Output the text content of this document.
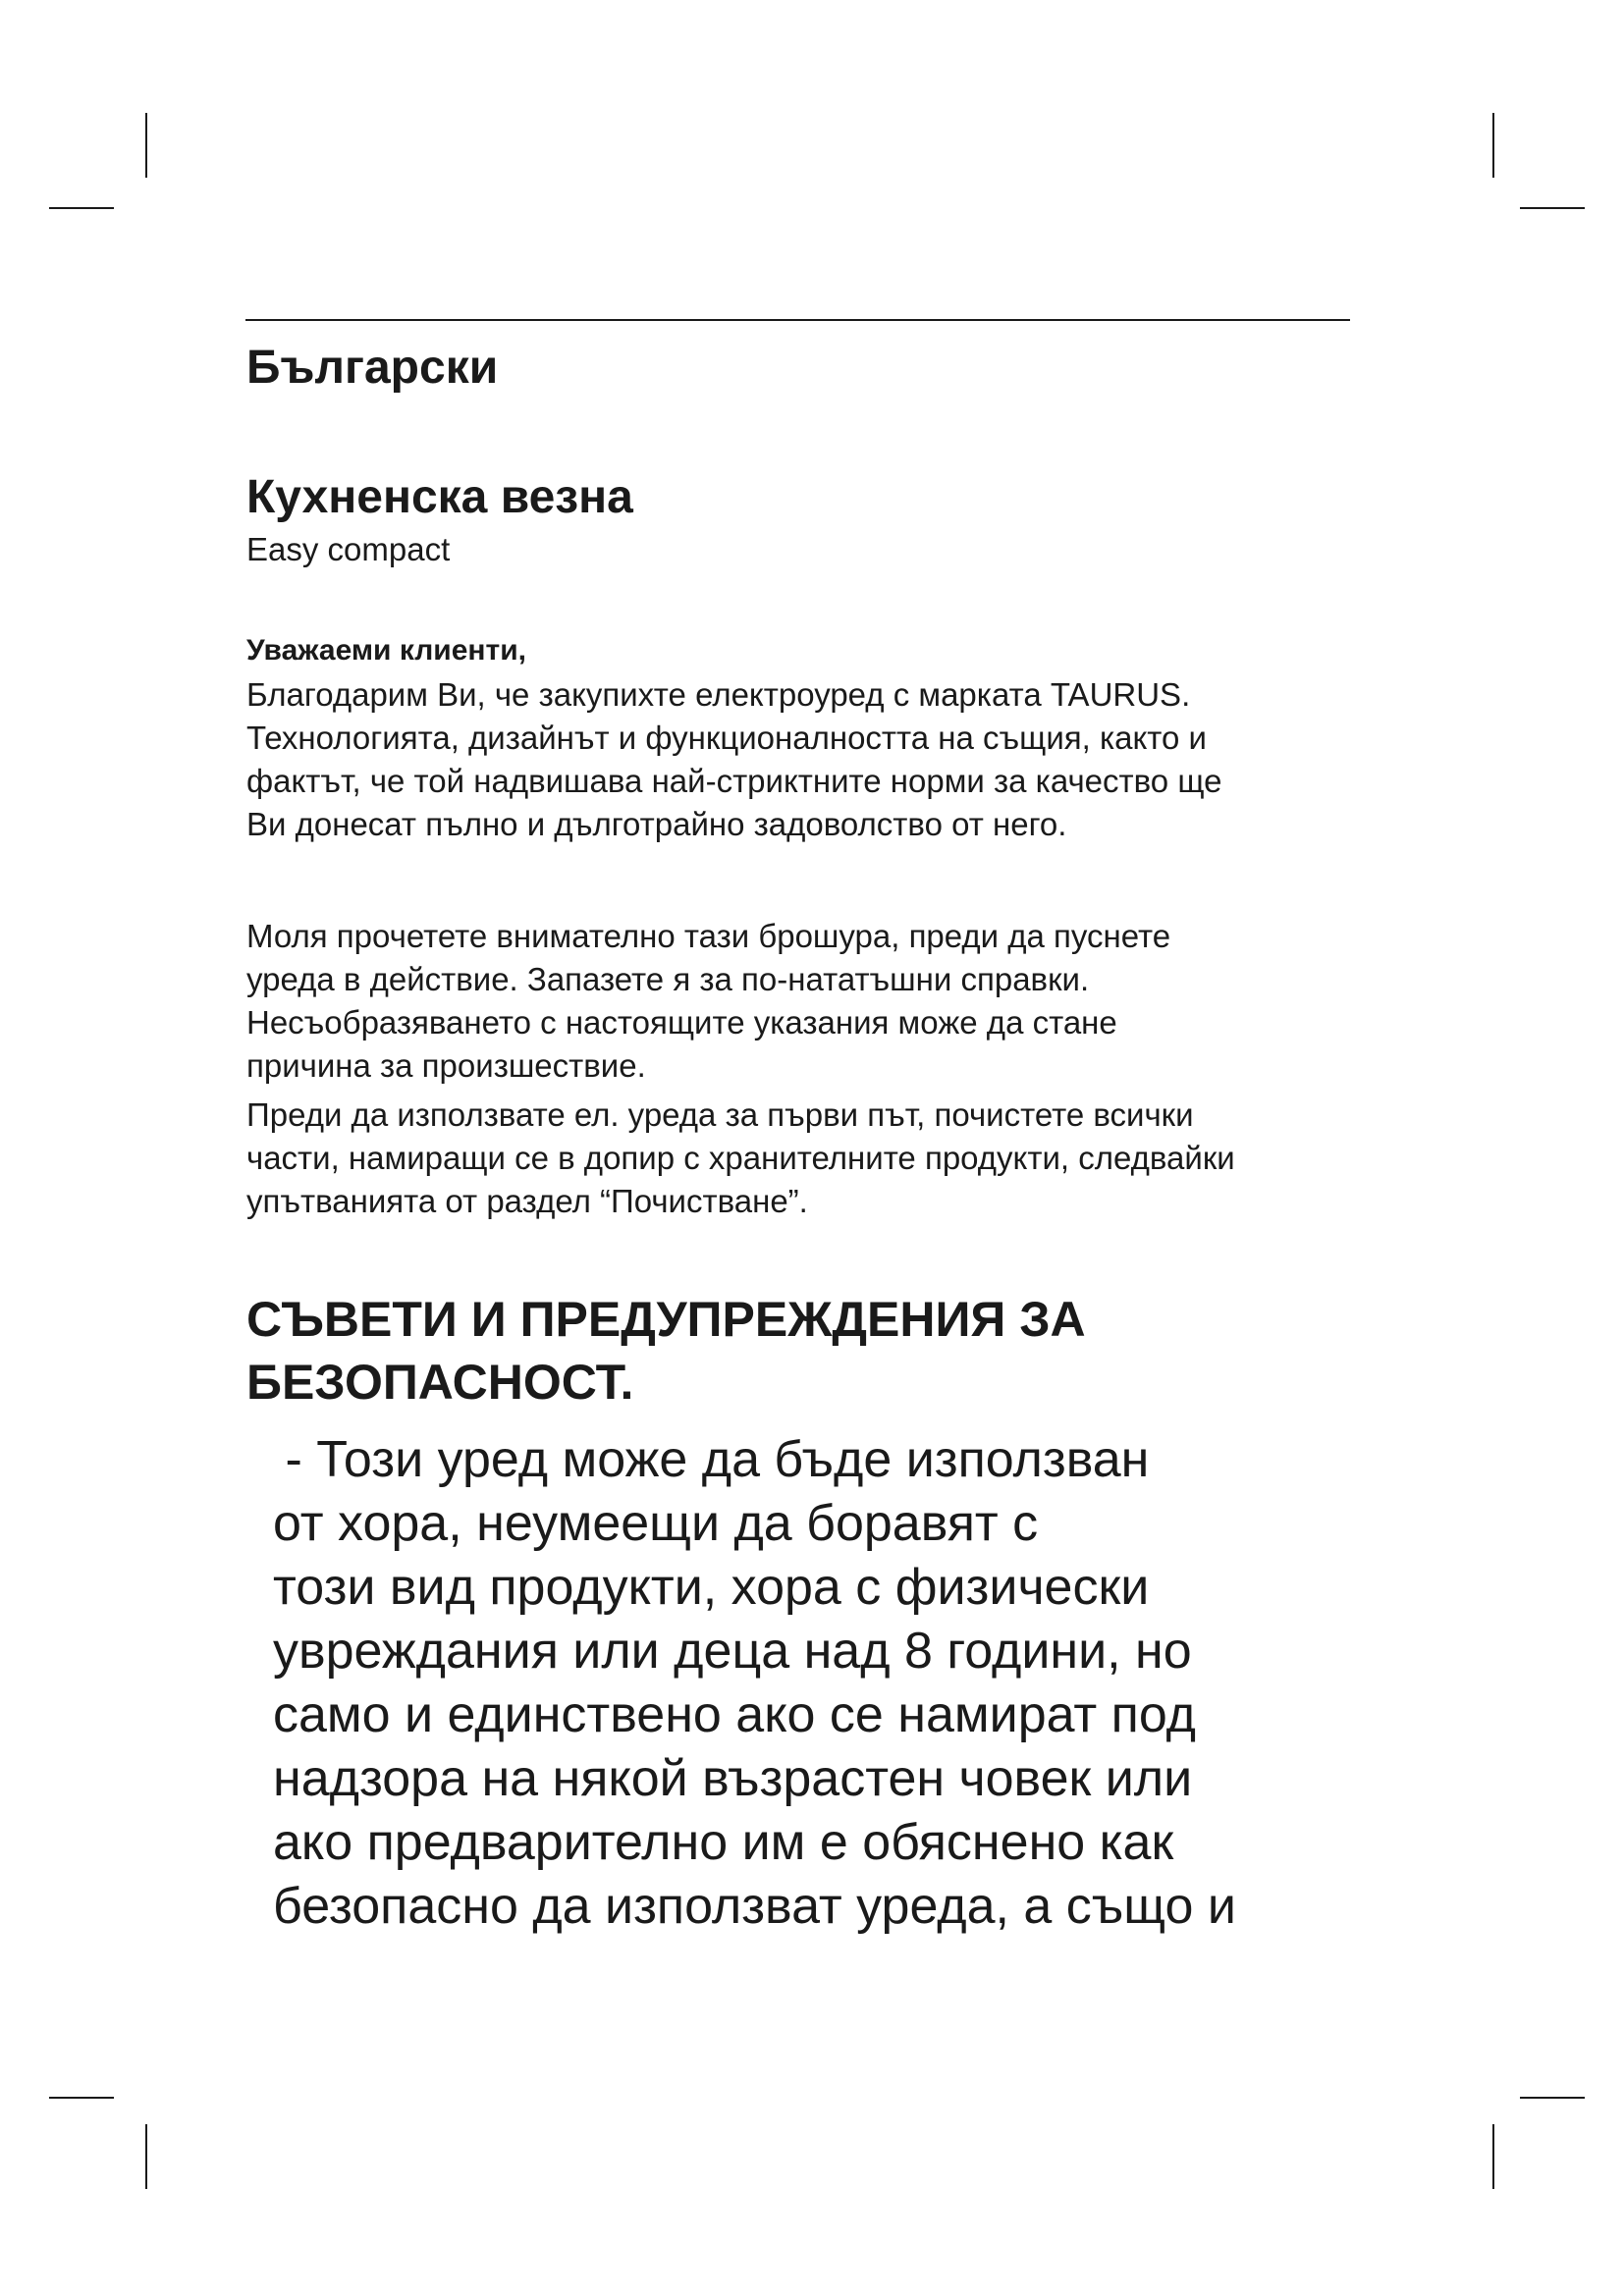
Български
Кухненска везна

Easy compact

Уважаеми клиенти,
Благодарим Ви, че закупихте електроуред с марката TAURUS.
Технологията, дизайнът и функционалността на същия, както и
фактът, че той надвишава най-стриктните норми за качество ще
Ви донесат пълно и дълготрайно задоволство от него.
Моля прочетете внимателно тази брошура, преди да пуснете
уреда в действие. Запазете я за по-нататъшни справки.
Несъобразяването с настоящите указания може да стане
причина за произшествие.
Преди да използвате ел. уреда за първи път, почистете всички
части, намиращи се в допир с хранителните продукти, следвайки
упътванията от раздел “Почистване”.
СЪВЕТИ И ПРЕДУПРЕЖДЕНИЯ ЗА
БЕЗОПАСНОСТ.
- Този уред може да бъде използван
от хора, неумеещи да боравят с
този вид продукти, хора с физически
увреждания или деца над 8 години, но
само и единствено ако се намират под
надзора на някой възрастен човек или
ако предварително им е обяснено как
безопасно да използват уреда, а също и
